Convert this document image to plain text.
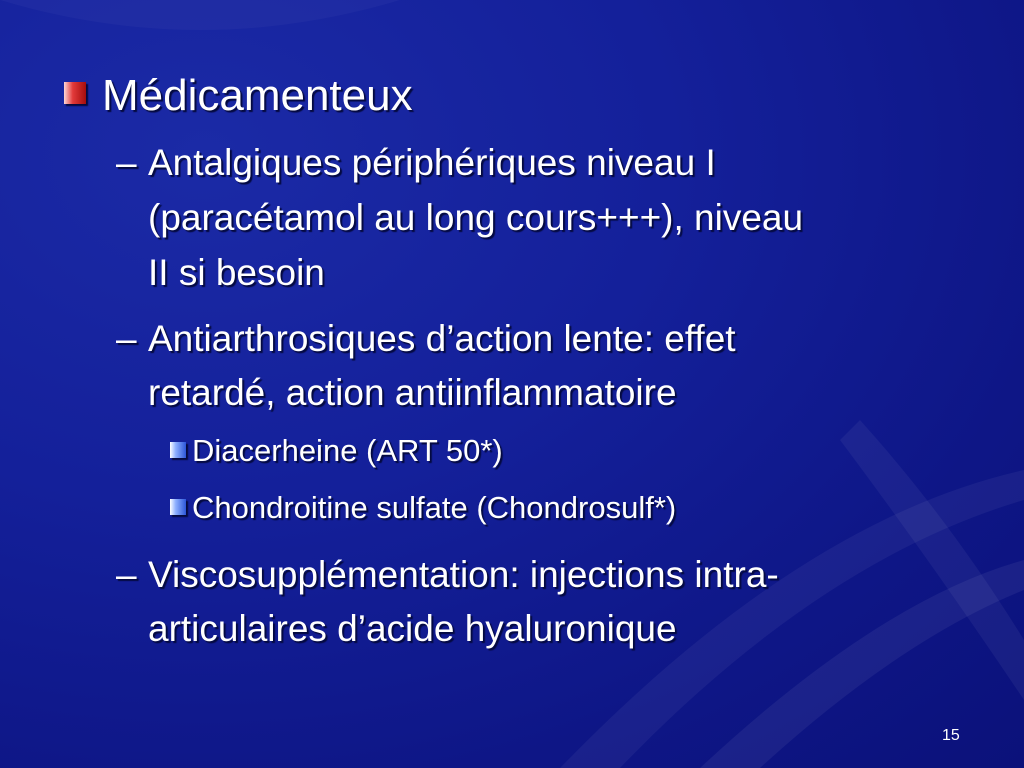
Médicamenteux
– Antalgiques périphériques niveau I
(paracétamol au long cours+++), niveau
II si besoin
– Antiarthrosiques d’action lente: effet
retardé, action antiinflammatoire
Diacerheine (ART 50*)
Chondroitine sulfate (Chondrosulf*)
– Viscosupplémentation: injections intra-
articulaires d’acide hyaluronique
15
